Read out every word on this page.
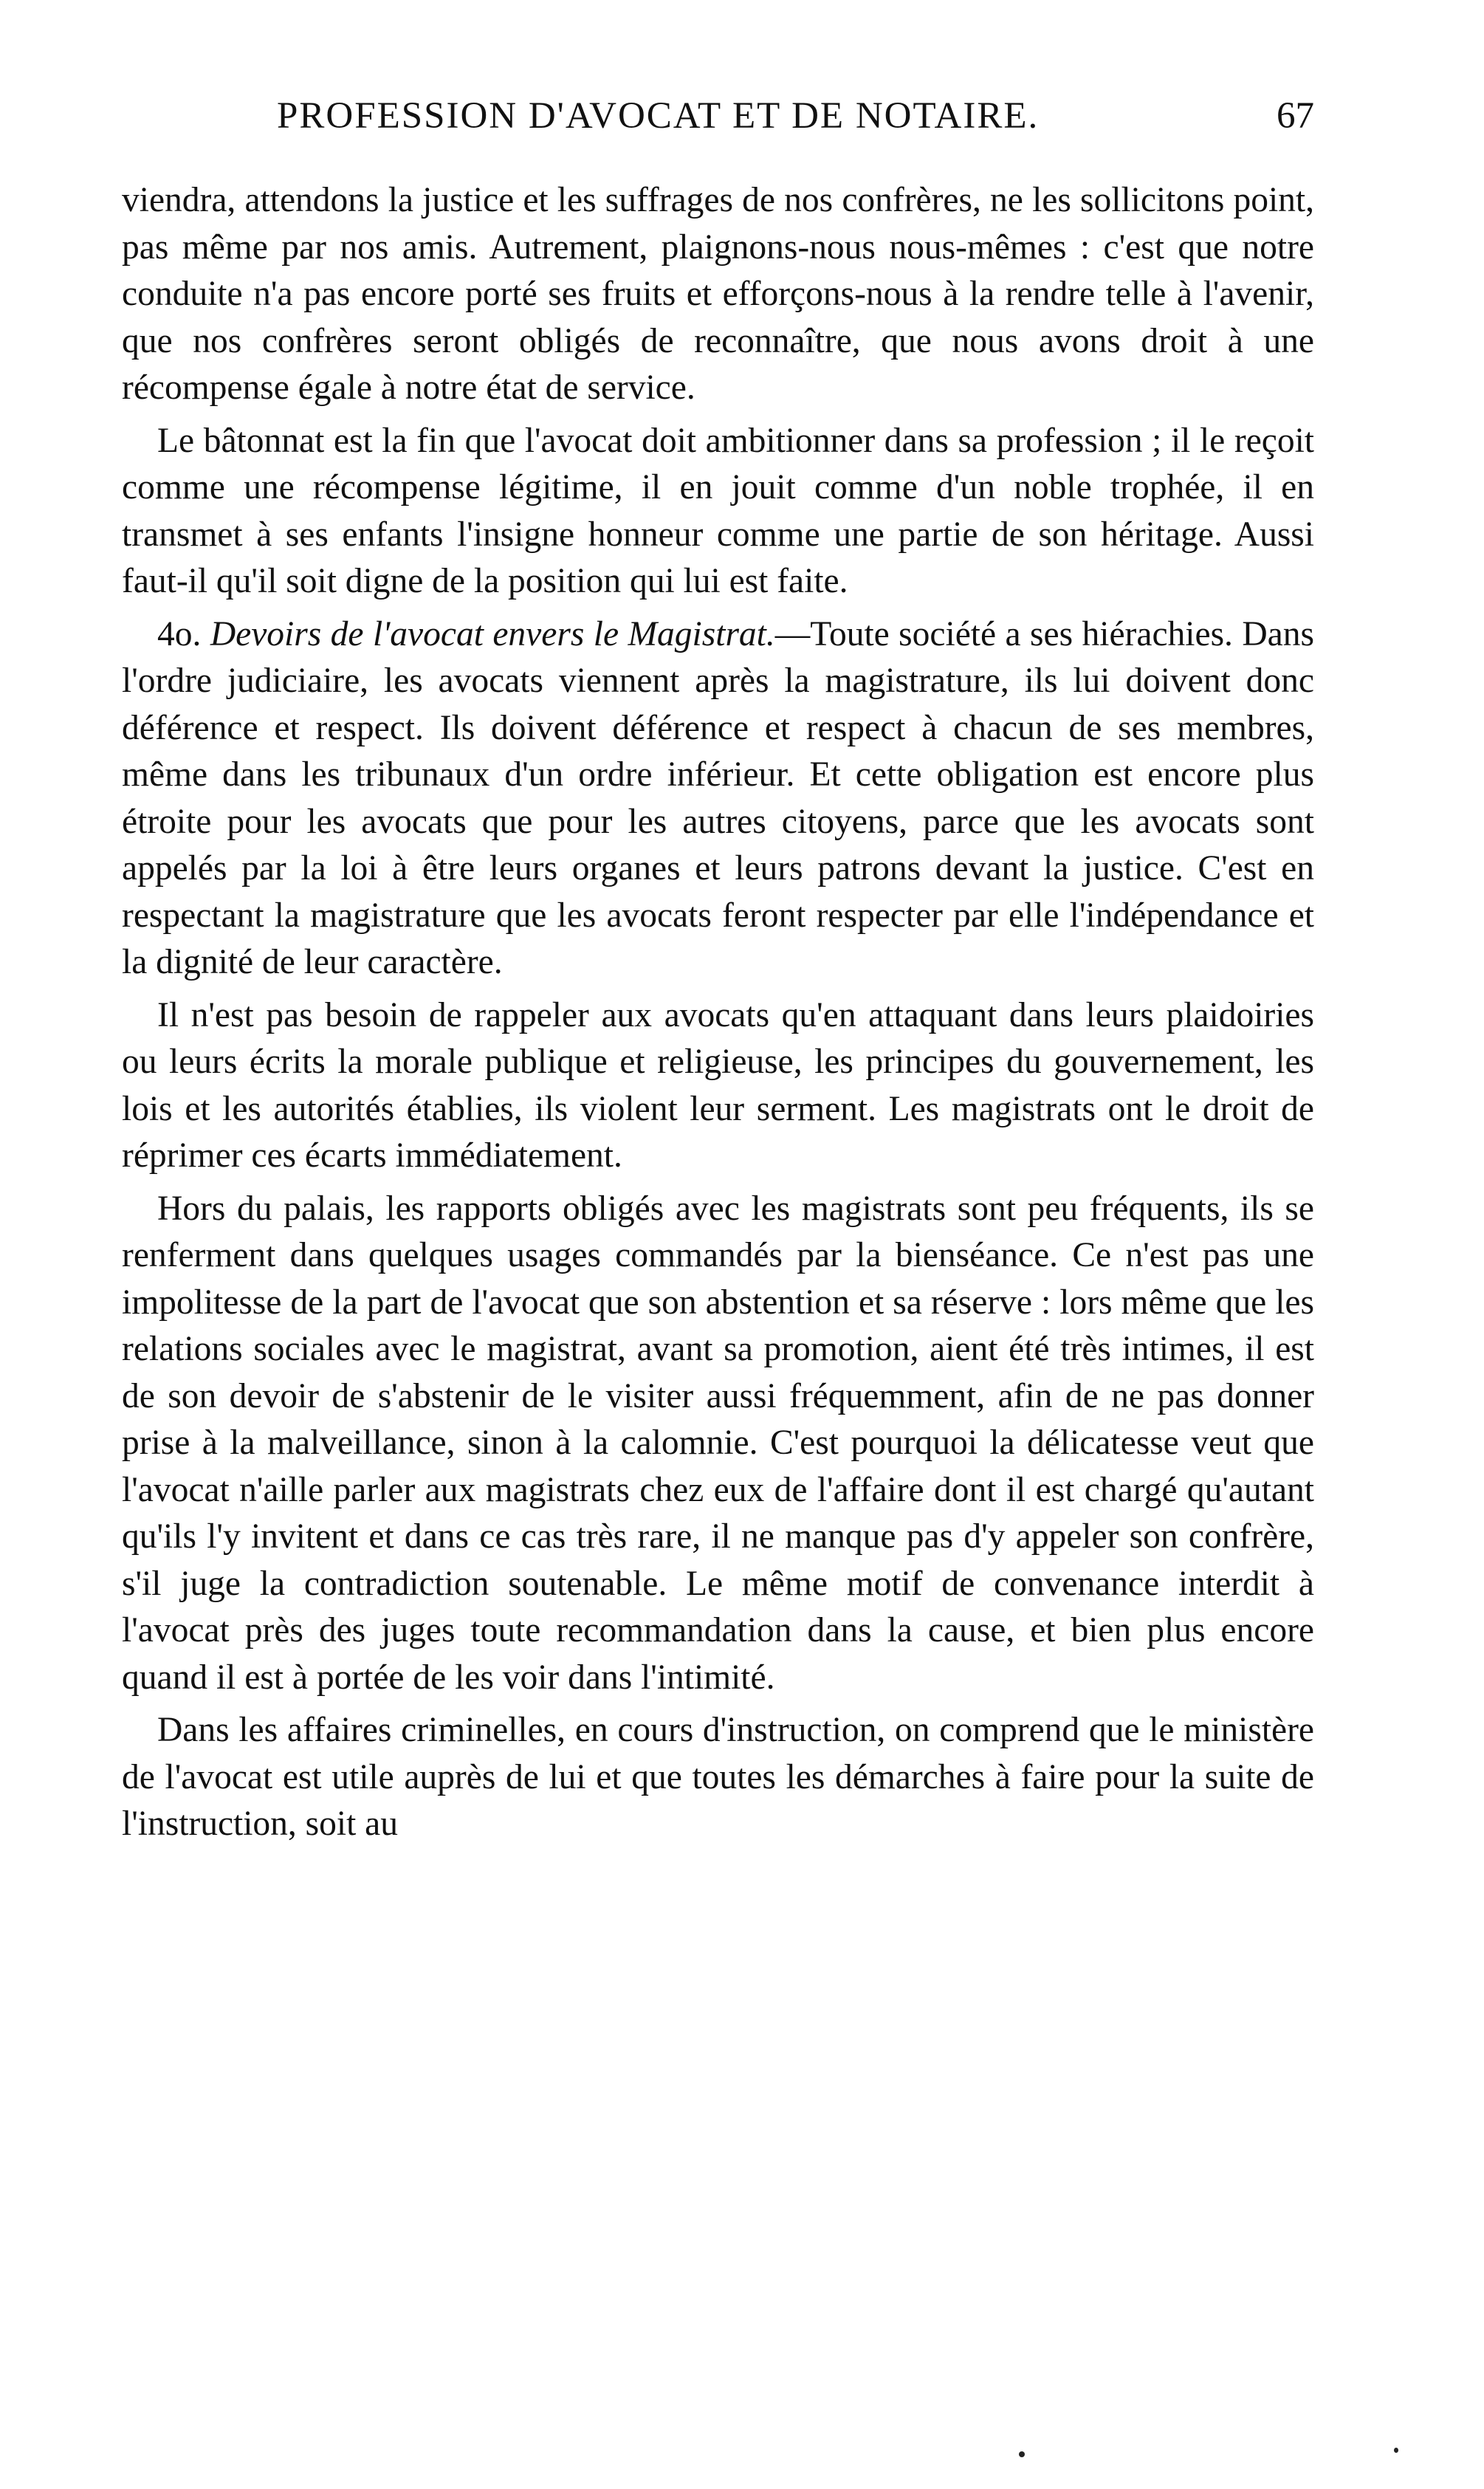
PROFESSION D'AVOCAT ET DE NOTAIRE.	67

viendra, attendons la justice et les suffrages de nos confrères, ne les sollicitons point, pas même par nos amis. Autrement, plaignons-nous nous-mêmes : c'est que notre conduite n'a pas encore porté ses fruits et efforçons-nous à la rendre telle à l'avenir, que nos confrères seront obligés de reconnaître, que nous avons droit à une récompense égale à notre état de service.

Le bâtonnat est la fin que l'avocat doit ambitionner dans sa profession ; il le reçoit comme une récompense légitime, il en jouit comme d'un noble trophée, il en transmet à ses enfants l'insigne honneur comme une partie de son héritage. Aussi faut-il qu'il soit digne de la position qui lui est faite.

4o. Devoirs de l'avocat envers le Magistrat.—Toute société a ses hiérachies. Dans l'ordre judiciaire, les avocats viennent après la magistrature, ils lui doivent donc déférence et respect. Ils doivent déférence et respect à chacun de ses membres, même dans les tribunaux d'un ordre inférieur. Et cette obligation est encore plus étroite pour les avocats que pour les autres citoyens, parce que les avocats sont appelés par la loi à être leurs organes et leurs patrons devant la justice. C'est en respectant la magistrature que les avocats feront respecter par elle l'indépendance et la dignité de leur caractère.

Il n'est pas besoin de rappeler aux avocats qu'en attaquant dans leurs plaidoiries ou leurs écrits la morale publique et religieuse, les principes du gouvernement, les lois et les autorités établies, ils violent leur serment. Les magistrats ont le droit de réprimer ces écarts immédiatement.

Hors du palais, les rapports obligés avec les magistrats sont peu fréquents, ils se renferment dans quelques usages commandés par la bienséance. Ce n'est pas une impolitesse de la part de l'avocat que son abstention et sa réserve : lors même que les relations sociales avec le magistrat, avant sa promotion, aient été très intimes, il est de son devoir de s'abstenir de le visiter aussi fréquemment, afin de ne pas donner prise à la malveillance, sinon à la calomnie. C'est pourquoi la délicatesse veut que l'avocat n'aille parler aux magistrats chez eux de l'affaire dont il est chargé qu'autant qu'ils l'y invitent et dans ce cas très rare, il ne manque pas d'y appeler son confrère, s'il juge la contradiction soutenable. Le même motif de convenance interdit à l'avocat près des juges toute recommandation dans la cause, et bien plus encore quand il est à portée de les voir dans l'intimité.

Dans les affaires criminelles, en cours d'instruction, on comprend que le ministère de l'avocat est utile auprès de lui et que toutes les démarches à faire pour la suite de l'instruction, soit au
